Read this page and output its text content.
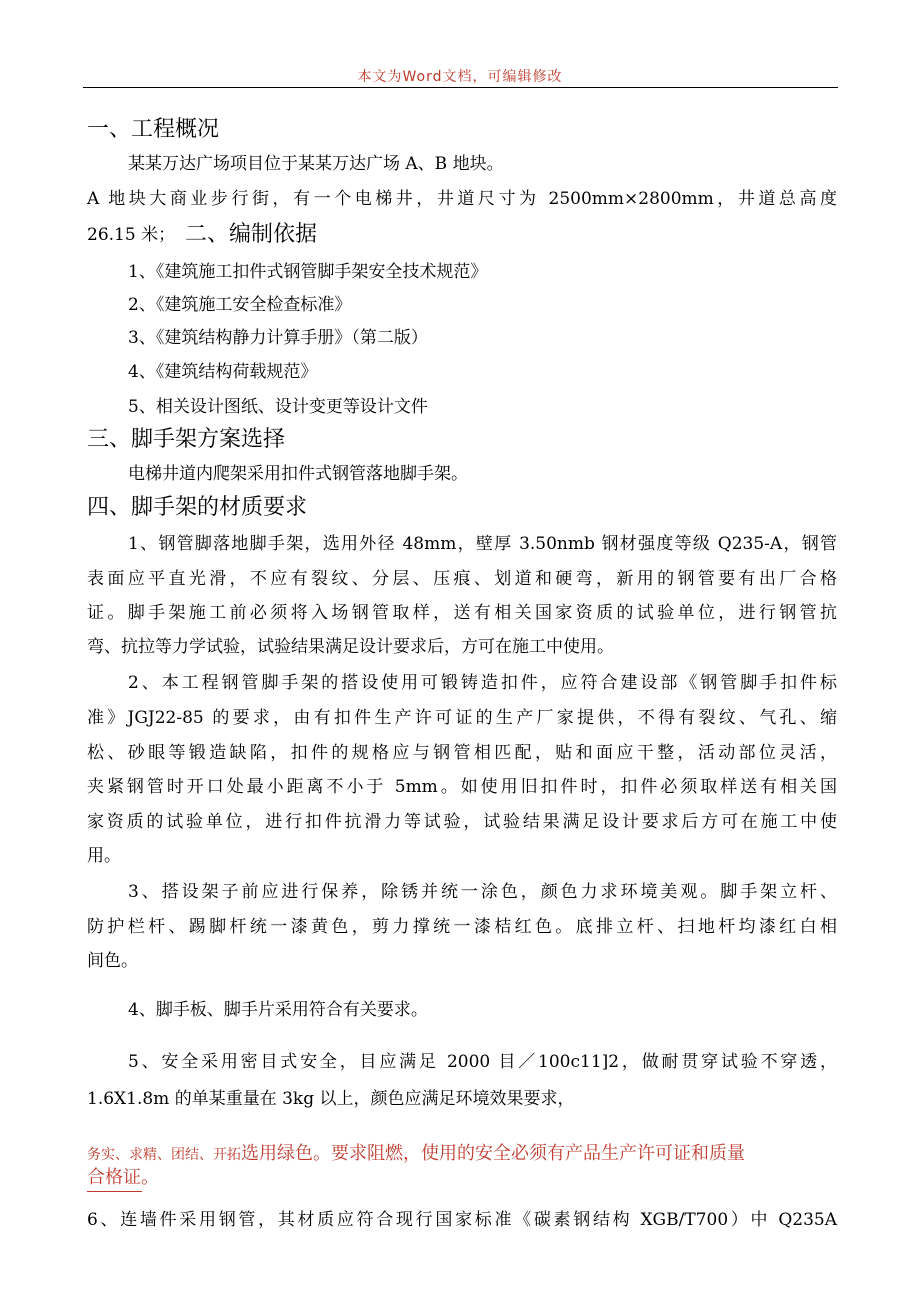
本文为Word文档，可编辑修改
一、工程概况
某某万达广场项目位于某某万达广场 A、B 地块。
A 地块大商业步行街，有一个电梯井，井道尺寸为 2500mm×2800mm，井道总高度
26.15 米； 二、编制依据
1、《建筑施工扣件式钢管脚手架安全技术规范》
2、《建筑施工安全检查标准》
3、《建筑结构静力计算手册》（第二版）
4、《建筑结构荷载规范》
5、相关设计图纸、设计变更等设计文件
三、脚手架方案选择
电梯井道内爬架采用扣件式钢管落地脚手架。
四、脚手架的材质要求
1、钢管脚落地脚手架，选用外径 48mm，壁厚 3.50nmb 钢材强度等级 Q235-A，钢管
表面应平直光滑，不应有裂纹、分层、压痕、划道和硬弯，新用的钢管要有出厂合格
证。脚手架施工前必须将入场钢管取样，送有相关国家资质的试验单位，进行钢管抗
弯、抗拉等力学试验，试验结果满足设计要求后，方可在施工中使用。
2、本工程钢管脚手架的搭设使用可锻铸造扣件，应符合建设部《钢管脚手扣件标
准》JGJ22-85 的要求，由有扣件生产许可证的生产厂家提供，不得有裂纹、气孔、缩
松、砂眼等锻造缺陷，扣件的规格应与钢管相匹配，贴和面应干整，活动部位灵活，
夹紧钢管时开口处最小距离不小于 5mm。如使用旧扣件时，扣件必须取样送有相关国
家资质的试验单位，进行扣件抗滑力等试验，试验结果满足设计要求后方可在施工中使
用。
3、搭设架子前应进行保养，除锈并统一涂色，颜色力求环境美观。脚手架立杆、
防护栏杆、踢脚杆统一漆黄色，剪力撑统一漆桔红色。底排立杆、扫地杆均漆红白相
间色。
4、脚手板、脚手片采用符合有关要求。
5、安全采用密目式安全，目应满足 2000 目／100c11]2，做耐贯穿试验不穿透，
1.6X1.8m 的单某重量在 3kg 以上，颜色应满足环境效果要求，
务实、求精、团结、开拓选用绿色。要求阻燃，使用的安全必须有产品生产许可证和质量
合格证。
6、连墙件采用钢管，其材质应符合现行国家标准《碳素钢结构 XGB/T700）中 Q235A
